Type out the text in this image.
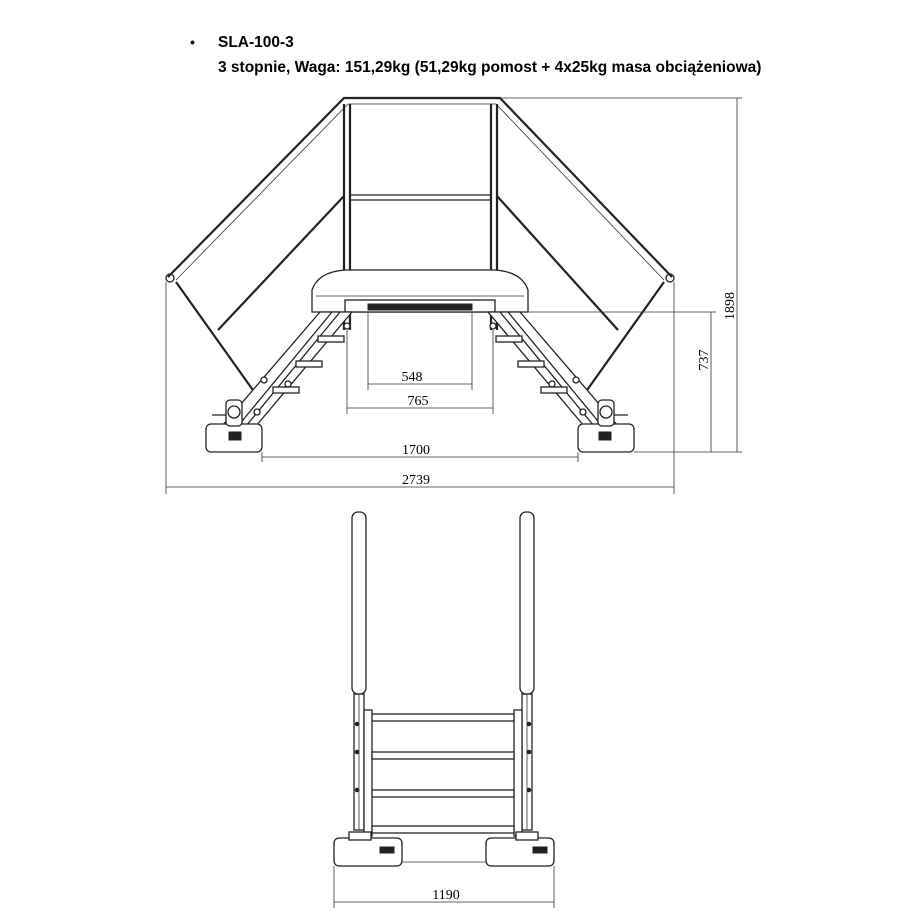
• SLA-100-3
3 stopnie, Waga: 151,29kg (51,29kg pomost + 4x25kg masa obciążeniowa)
548
765
1700
2739
737
1898
1190
